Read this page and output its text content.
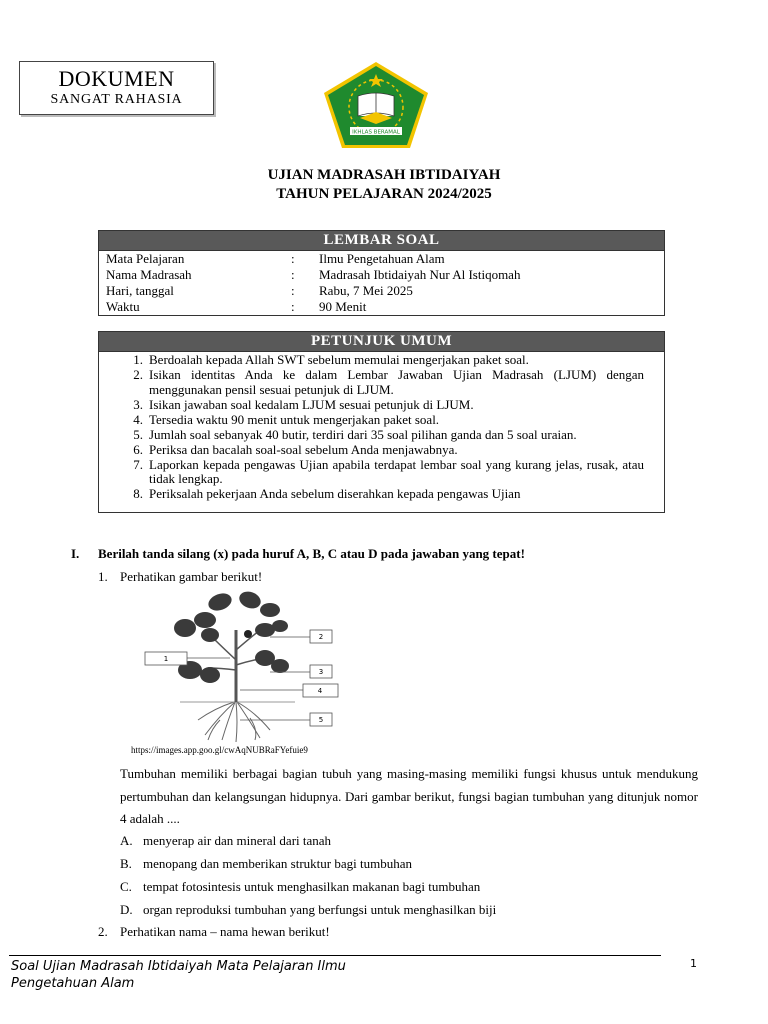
DOKUMEN
SANGAT RAHASIA
IKHLAS BERAMAL
UJIAN MADRASAH IBTIDAIYAH
TAHUN PELAJARAN 2024/2025
LEMBAR SOAL
Mata Pelajaran	:	Ilmu Pengetahuan Alam
Nama Madrasah	:	Madrasah Ibtidaiyah Nur Al Istiqomah
Hari, tanggal	:	Rabu, 7 Mei 2025
Waktu	:	90 Menit
PETUNJUK UMUM
1. Berdoalah kepada Allah SWT sebelum memulai mengerjakan paket soal.
2. Isikan identitas Anda ke dalam Lembar Jawaban Ujian Madrasah (LJUM) dengan menggunakan pensil sesuai petunjuk di LJUM.
3. Isikan jawaban soal kedalam LJUM sesuai petunjuk di LJUM.
4. Tersedia waktu 90 menit untuk mengerjakan paket soal.
5. Jumlah soal sebanyak 40 butir, terdiri dari 35 soal pilihan ganda dan 5 soal uraian.
6. Periksa dan bacalah soal-soal sebelum Anda menjawabnya.
7. Laporkan kepada pengawas Ujian apabila terdapat lembar soal yang kurang jelas, rusak, atau tidak lengkap.
8. Periksalah pekerjaan Anda sebelum diserahkan kepada pengawas Ujian
I.	Berilah tanda silang (x) pada huruf A, B, C atau D pada jawaban yang tepat!
1. Perhatikan gambar berikut!
1
2
3
4
5
https://images.app.goo.gl/cwAqNUBRaFYefuie9
Tumbuhan memiliki berbagai bagian tubuh yang masing-masing memiliki fungsi khusus untuk mendukung pertumbuhan dan kelangsungan hidupnya. Dari gambar berikut, fungsi bagian tumbuhan yang ditunjuk nomor 4 adalah ....
A. menyerap air dan mineral dari tanah
B. menopang dan memberikan struktur bagi tumbuhan
C. tempat fotosintesis untuk menghasilkan makanan bagi tumbuhan
D. organ reproduksi tumbuhan yang berfungsi untuk menghasilkan biji
2. Perhatikan nama – nama hewan berikut!
Soal Ujian Madrasah Ibtidaiyah Mata Pelajaran Ilmu Pengetahuan Alam
1
